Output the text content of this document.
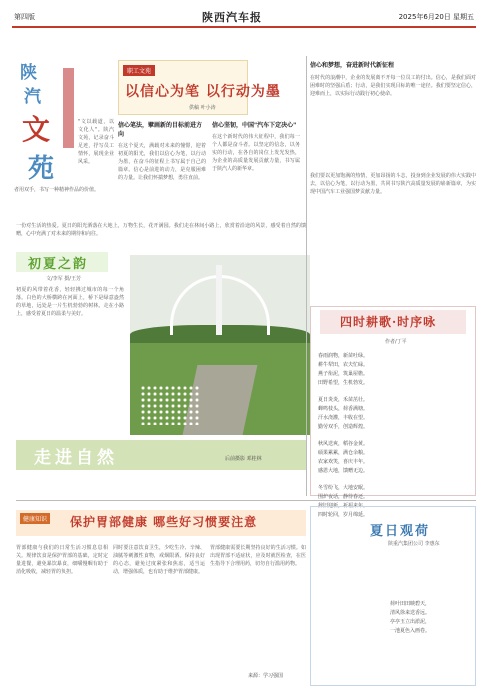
第四版	陕西汽车报	2025年6月20日 星期五
陕
汽
文
苑
"文以载道，以文化人"。陕汽文苑，记录奋斗足迹，抒写员工情怀，展现企业风采。
者用双手，书写一种精神作品的价值。
职工文苑
以信心为笔 以行动为墨
供稿 叶小涛
信心笔法，擘画新的目标前进方向
在这个夏天，满载对未来的憧憬，迎着初夏的阳光，我们以信心为笔，以行动为墨，在奋斗的征程上书写属于自己的篇章。信心是前进的动力，是克服困难的力量。让我们怀揣梦想，勇往直前。
信心坚韧，中国"汽车下定决心"
在这个新时代的伟大征程中，我们每一个人都是奋斗者。以坚定的信念，以务实的行动，在各自的岗位上发光发热，为企业的高质量发展贡献力量，书写属于陕汽人的新华章。
信心和梦想，奋进新时代新征程
在时代的浪潮中，企业的发展离不开每一位员工的付出。信心，是我们面对困难时的坚强后盾；行动，是我们实现目标的唯一途径。我们要坚定信心，迎难而上，以实际行动践行初心使命。
我们要以更加饱满的热情，更加昂扬的斗志，投身到企业发展的伟大实践中去，以信心为笔，以行动为墨，共同书写陕汽高质量发展的崭新篇章，为实现中国汽车工业强国梦贡献力量。
一份对生活的热爱。夏日的阳光洒落在大地上，万物生长，花开满园。我们走在林间小路上，欣赏着沿途的风景，感受着自然的馈赠，心中充满了对未来的期待和向往。
初夏之韵
文/李军 摄/王芳
初夏的风带着花香，轻轻拂过城市的每一个角落。白色的大桥横跨在河面上，桥下是绿意盎然的草地，远处是一片生机勃勃的树林。走在小路上，感受着夏日的温柔与美好。
走进自然	后前摄影 邓桂林
四时耕歌·时序咏
作者/丁平
春雨润物，新苗吐绿。
耕牛犁田，农夫忙碌。
燕子衔泥，筑巢屋檐。
田野希望，生机勃发。
夏日炎炎，禾苗茁壮。
蝉鸣枝头，荷香满塘。
汗水浇灌，丰收在望。
勤劳双手，创造辉煌。
秋风送爽，稻谷金黄。
硕果累累，满仓余粮。
农家欢笑，喜庆丰年。
感恩大地，馈赠无边。
冬雪纷飞，大地安眠。
围炉夜话，静待春还。
辞旧迎新，祈福来年。
四时轮回，岁月绵延。
健康知识 保护胃部健康 哪些好习惯要注意
胃部健康与我们的日常生活习惯息息相关。规律饮食是保护胃部的基础，定时定量进餐，避免暴饮暴食，细嚼慢咽有助于消化吸收，减轻胃的负担。
同时要注意饮食卫生，少吃生冷、辛辣、油腻等刺激性食物，戒烟限酒。保持良好的心态，避免过度紧张和焦虑，适当运动，增强体质，也有助于维护胃部健康。
胃部健康需要长期坚持良好的生活习惯。如出现胃部不适症状，应及时就医检查，在医生指导下合理用药，切勿自行滥用药物。
来源：学习强国
夏日观荷
陕重汽集团公司 李惠东
荷叶田田映碧天，
清风徐来送香远。
亭亭玉立出淤泥，
一池夏色入画卷。
